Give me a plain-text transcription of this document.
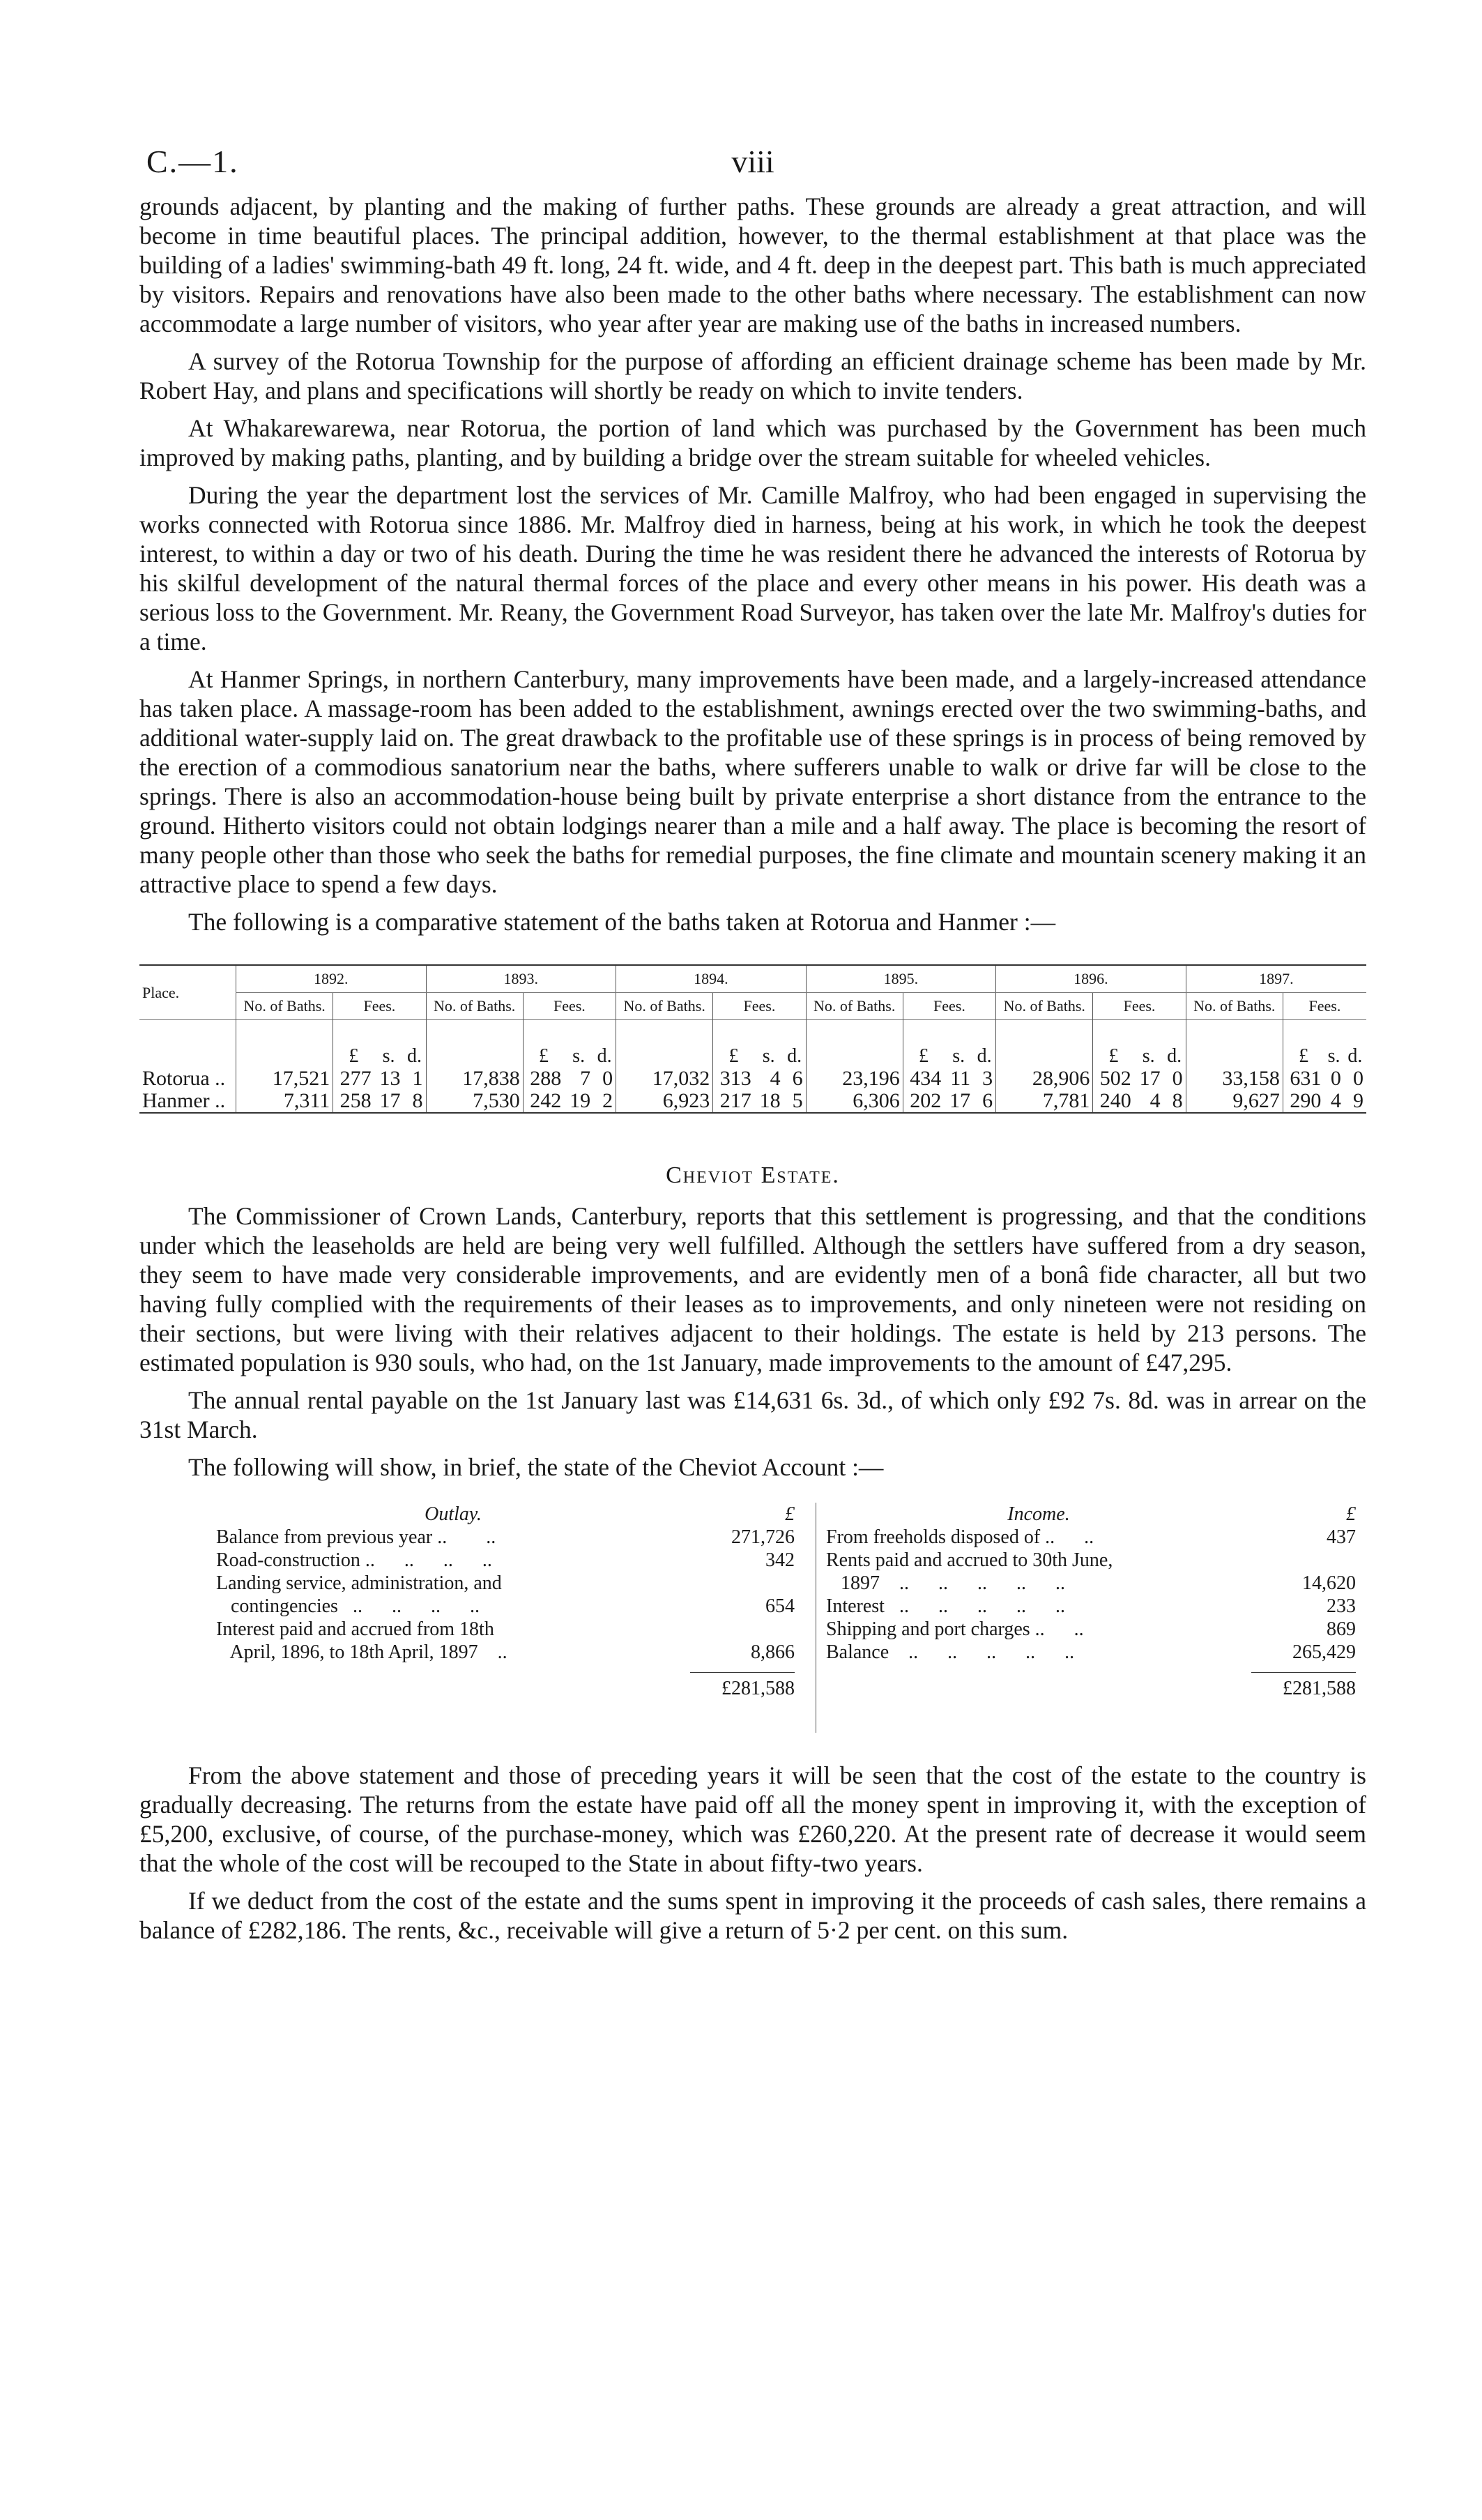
C.—1.	viii

grounds adjacent, by planting and the making of further paths. These grounds are already a great attraction, and will become in time beautiful places. The principal addition, however, to the thermal establishment at that place was the building of a ladies' swimming-bath 49 ft. long, 24 ft. wide, and 4 ft. deep in the deepest part. This bath is much appreciated by visitors. Repairs and renovations have also been made to the other baths where necessary. The establishment can now accommodate a large number of visitors, who year after year are making use of the baths in increased numbers.

A survey of the Rotorua Township for the purpose of affording an efficient drainage scheme has been made by Mr. Robert Hay, and plans and specifications will shortly be ready on which to invite tenders.

At Whakarewarewa, near Rotorua, the portion of land which was purchased by the Government has been much improved by making paths, planting, and by building a bridge over the stream suitable for wheeled vehicles.

During the year the department lost the services of Mr. Camille Malfroy, who had been engaged in supervising the works connected with Rotorua since 1886. Mr. Malfroy died in harness, being at his work, in which he took the deepest interest, to within a day or two of his death. During the time he was resident there he advanced the interests of Rotorua by his skilful development of the natural thermal forces of the place and every other means in his power. His death was a serious loss to the Government. Mr. Reany, the Government Road Surveyor, has taken over the late Mr. Malfroy's duties for a time.

At Hanmer Springs, in northern Canterbury, many improvements have been made, and a largely-increased attendance has taken place. A massage-room has been added to the establishment, awnings erected over the two swimming-baths, and additional water-supply laid on. The great drawback to the profitable use of these springs is in process of being removed by the erection of a commodious sanatorium near the baths, where sufferers unable to walk or drive far will be close to the springs. There is also an accommodation-house being built by private enterprise a short distance from the entrance to the ground. Hitherto visitors could not obtain lodgings nearer than a mile and a half away. The place is becoming the resort of many people other than those who seek the baths for remedial purposes, the fine climate and mountain scenery making it an attractive place to spend a few days.

The following is a comparative statement of the baths taken at Rotorua and Hanmer :—

Place.	1892.				1893.				1894.				1895.				1896.				1897.			
	No. of Baths.	Fees.			No. of Baths.	Fees.			No. of Baths.	Fees.			No. of Baths.	Fees.			No. of Baths.	Fees.			No. of Baths.	Fees.		
		£	s.	d.		£	s.	d.		£	s.	d.		£	s.	d.		£	s.	d.		£	s.	d.
Rotorua ..	17,521	277	13	1	17,838	288	7	0	17,032	313	4	6	23,196	434	11	3	28,906	502	17	0	33,158	631	0	0
Hanmer ..	7,311	258	17	8	7,530	242	19	2	6,923	217	18	5	6,306	202	17	6	7,781	240	4	8	9,627	290	4	9
Cheviot Estate.

The Commissioner of Crown Lands, Canterbury, reports that this settlement is progressing, and that the conditions under which the leaseholds are held are being very well fulfilled. Although the settlers have suffered from a dry season, they seem to have made very considerable improvements, and are evidently men of a bonâ fide character, all but two having fully complied with the requirements of their leases as to improvements, and only nineteen were not residing on their sections, but were living with their relatives adjacent to their holdings. The estate is held by 213 persons. The estimated population is 930 souls, who had, on the 1st January, made improvements to the amount of £47,295.

The annual rental payable on the 1st January last was £14,631 6s. 3d., of which only £92 7s. 8d. was in arrear on the 31st March.

The following will show, in brief, the state of the Cheviot Account :—

Outlay.	£
Balance from previous year ..        ..	271,726
Road-construction ..      ..      ..      ..	342
Landing service, administration, and
contingencies   ..      ..      ..      ..	654
Interest paid and accrued from 18th
April, 1896, to 18th April, 1897    ..	8,866
£281,588
Income.	£
From freeholds disposed of ..      ..	437
Rents paid and accrued to 30th June,
1897    ..      ..      ..      ..      ..	14,620
Interest   ..      ..      ..      ..      ..	233
Shipping and port charges ..      ..	869
Balance    ..      ..      ..      ..      ..	265,429
£281,588

From the above statement and those of preceding years it will be seen that the cost of the estate to the country is gradually decreasing. The returns from the estate have paid off all the money spent in improving it, with the exception of £5,200, exclusive, of course, of the purchase-money, which was £260,220. At the present rate of decrease it would seem that the whole of the cost will be recouped to the State in about fifty-two years.

If we deduct from the cost of the estate and the sums spent in improving it the proceeds of cash sales, there remains a balance of £282,186. The rents, &c., receivable will give a return of 5·2 per cent. on this sum.
